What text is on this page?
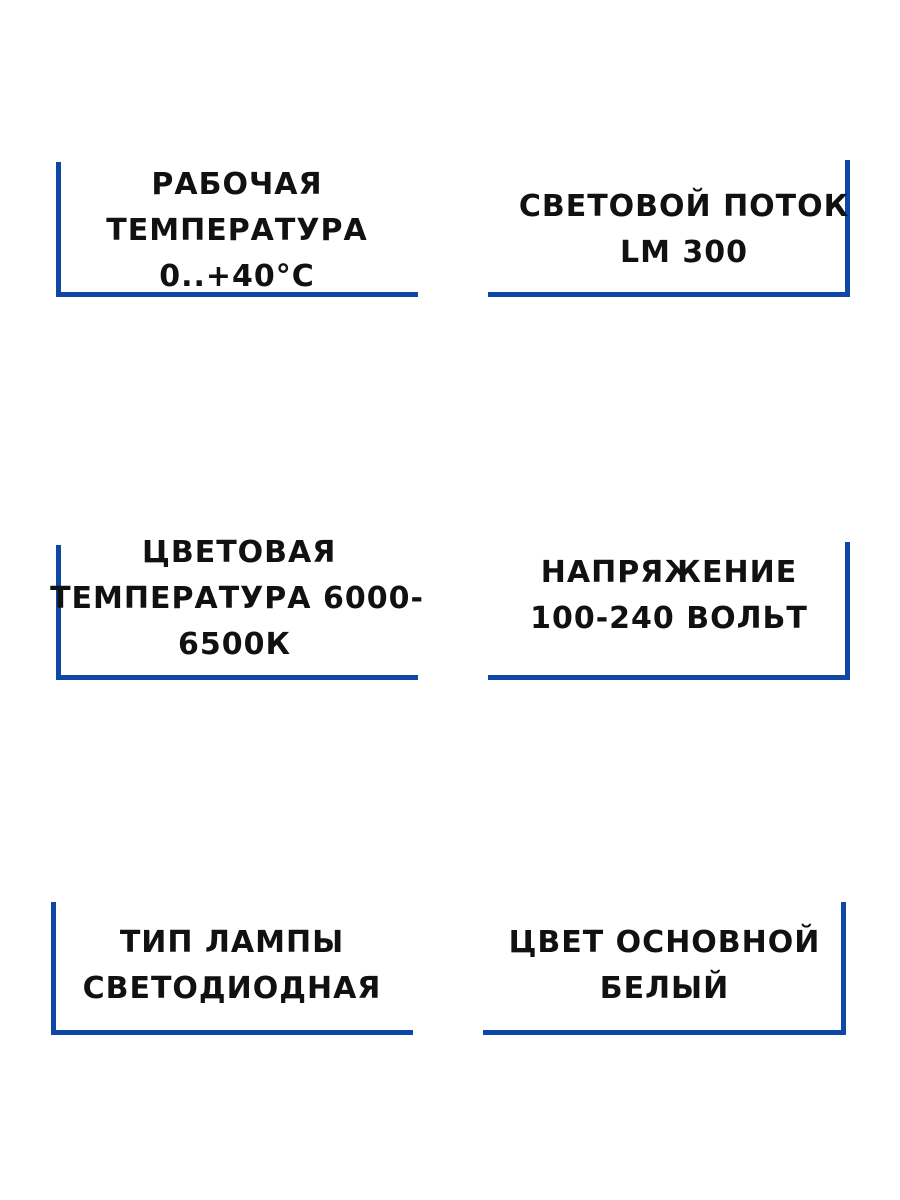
РАБОЧАЯ
ТЕМПЕРАТУРА
0..+40°С
СВЕТОВОЙ ПОТОК
LM 300
ЦВЕТОВАЯ
ТЕМПЕРАТУРА 6000-
6500К
НАПРЯЖЕНИЕ
100-240 ВОЛЬТ
ТИП ЛАМПЫ
СВЕТОДИОДНАЯ
ЦВЕТ ОСНОВНОЙ
БЕЛЫЙ
